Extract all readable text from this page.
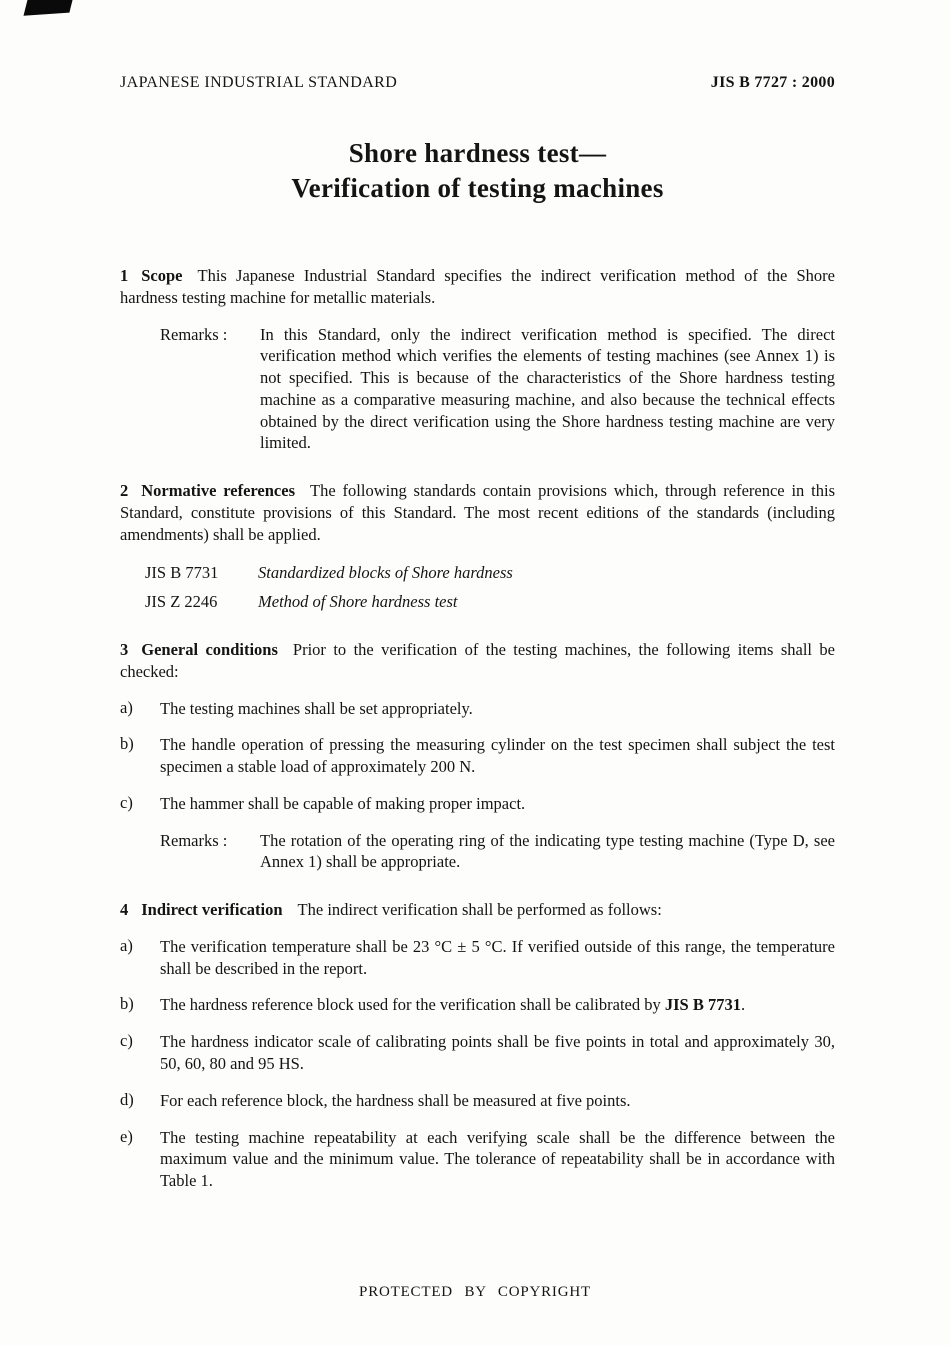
JAPANESE INDUSTRIAL STANDARD	JIS B 7727 : 2000
Shore hardness test—
Verification of testing machines

1 Scope This Japanese Industrial Standard specifies the indirect verification method of the Shore hardness testing machine for metallic materials.

Remarks :	In this Standard, only the indirect verification method is specified. The direct verification method which verifies the elements of testing machines (see Annex 1) is not specified. This is because of the characteristics of the Shore hardness testing machine as a comparative measuring machine, and also because the technical effects obtained by the direct verification using the Shore hardness testing machine are very limited.

2 Normative references The following standards contain provisions which, through reference in this Standard, constitute provisions of this Standard. The most recent editions of the standards (including amendments) shall be applied.

JIS B 7731	Standardized blocks of Shore hardness
JIS Z 2246	Method of Shore hardness test

3 General conditions Prior to the verification of the testing machines, the following items shall be checked:

a)	The testing machines shall be set appropriately.
b)	The handle operation of pressing the measuring cylinder on the test specimen shall subject the test specimen a stable load of approximately 200 N.
c)	The hammer shall be capable of making proper impact.
Remarks :	The rotation of the operating ring of the indicating type testing machine (Type D, see Annex 1) shall be appropriate.

4 Indirect verification The indirect verification shall be performed as follows:

a)	The verification temperature shall be 23 °C ± 5 °C. If verified outside of this range, the temperature shall be described in the report.
b)	The hardness reference block used for the verification shall be calibrated by JIS B 7731.
c)	The hardness indicator scale of calibrating points shall be five points in total and approximately 30, 50, 60, 80 and 95 HS.
d)	For each reference block, the hardness shall be measured at five points.
e)	The testing machine repeatability at each verifying scale shall be the difference between the maximum value and the minimum value. The tolerance of repeatability shall be in accordance with Table 1.
PROTECTED BY COPYRIGHT
